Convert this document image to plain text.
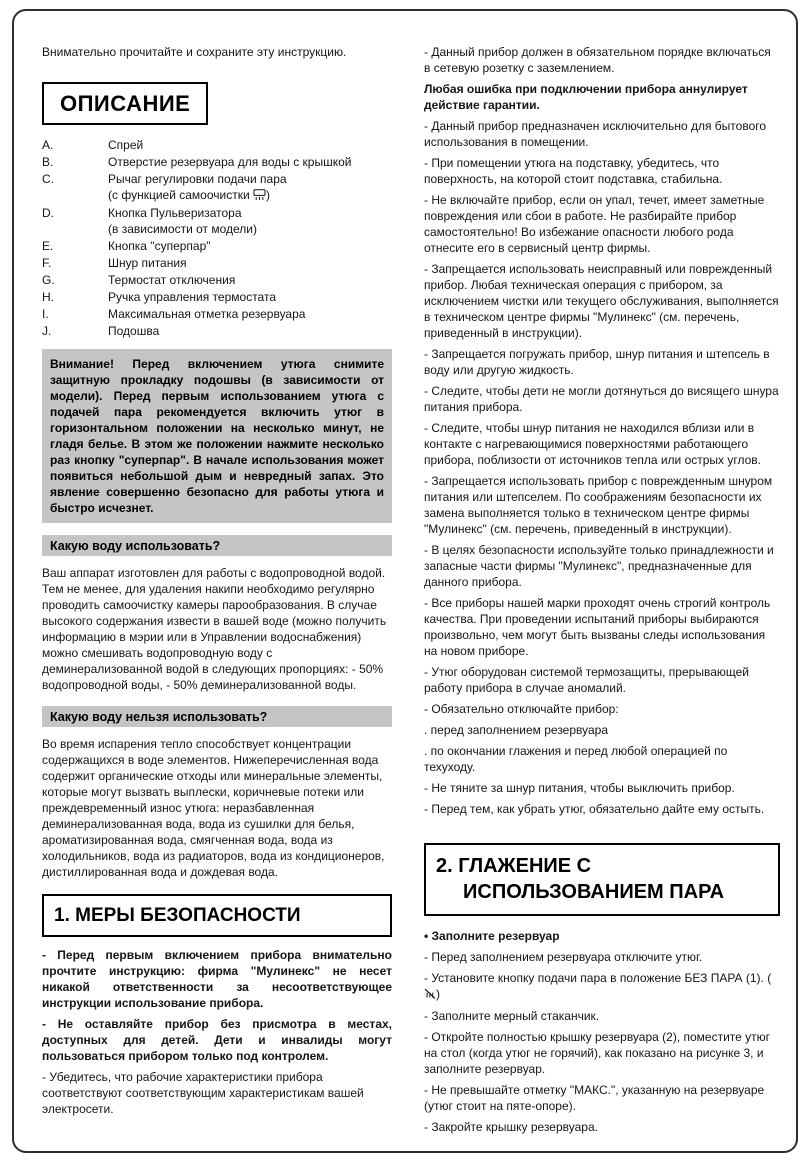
Внимательно прочитайте и сохраните эту инструкцию.

ОПИСАНИЕ
A.	Спрей
B.	Отверстие резервуара для воды с крышкой
C.	Рычаг регулировки подачи пара
(с функцией самоочистки )
D.	Кнопка Пульверизатора
(в зависимости от модели)
E.	Кнопка "суперпар"
F.	Шнур питания
G.	Термостат отключения
H.	Ручка управления термостата
I.	Максимальная отметка резервуара
J.	Подошва
Внимание! Перед включением утюга снимите защитную прокладку подошвы (в зависимости от модели). Перед первым использованием утюга с подачей пара рекомендуется включить утюг в горизонтальном положении на несколько минут, не гладя белье. В этом же положении нажмите несколько раз кнопку "суперпар". В начале использования может появиться небольшой дым и невредный запах. Это явление совершенно безопасно для работы утюга и быстро исчезнет.
Какую воду использовать?

Ваш аппарат изготовлен для работы с водопроводной водой. Тем не менее, для удаления накипи необходимо регулярно проводить самоочистку камеры парообразования. В случае высокого содержания извести в вашей воде (можно получить информацию в мэрии или в Управлении водоснабжения) можно смешивать водопроводную воду с деминерализованной водой в следующих пропорциях: - 50% водопроводной воды, - 50% деминерализованной воды.

Какую воду нельзя использовать?

Во время испарения тепло способствует концентрации содержащихся в воде элементов. Нижеперечисленная вода содержит органические отходы или минеральные элементы, которые могут вызвать выплески, коричневые потеки или преждевременный износ утюга: неразбавленная деминерализованная вода, вода из сушилки для белья, ароматизированная вода, смягченная вода, вода из холодильников, вода из радиаторов, вода из кондиционеров, дистиллированная вода и дождевая вода.

1. МЕРЫ БЕЗОПАСНОСТИ

- Перед первым включением прибора внимательно прочтите инструкцию: фирма "Мулинекс" не несет никакой ответственности за несоответствующее инструкции использование прибора.

- Не оставляйте прибор без присмотра в местах, доступных для детей. Дети и инвалиды могут пользоваться прибором только под контролем.

- Убедитесь, что рабочие характеристики прибора соответствуют соответствующим характеристикам вашей электросети.

- Данный прибор должен в обязательном порядке включаться в сетевую розетку с заземлением.

Любая ошибка при подключении прибора аннулирует действие гарантии.

- Данный прибор предназначен исключительно для бытового использования в помещении.

- При помещении утюга на подставку, убедитесь, что поверхность, на которой стоит подставка, стабильна.

- Не включайте прибор, если он упал, течет, имеет заметные повреждения или сбои в работе. Не разбирайте прибор самостоятельно! Во избежание опасности любого рода отнесите его в сервисный центр фирмы.

- Запрещается использовать неисправный или поврежденный прибор. Любая техническая операция с прибором, за исключением чистки или текущего обслуживания, выполняется в техническом центре фирмы "Мулинекс" (см. перечень, приведенный в инструкции).

- Запрещается погружать прибор, шнур питания и штепсель в воду или другую жидкость.

- Следите, чтобы дети не могли дотянуться до висящего шнура питания прибора.

- Следите, чтобы шнур питания не находился вблизи или в контакте с нагревающимися поверхностями работающего прибора, поблизости от источников тепла или острых углов.

- Запрещается использовать прибор с поврежденным шнуром питания или штепселем. По соображениям безопасности их замена выполняется только в техническом центре фирмы "Мулинекс" (см. перечень, приведенный в инструкции).

- В целях безопасности используйте только принадлежности и запасные части фирмы "Мулинекс", предназначенные для данного прибора.

- Все приборы нашей марки проходят очень строгий контроль качества. При проведении испытаний приборы выбираются произвольно, чем могут быть вызваны следы использования на новом приборе.

- Утюг оборудован системой термозащиты, прерывающей работу прибора в случае аномалий.

- Обязательно отключайте прибор:

. перед заполнением резервуара

. по окончании глажения и перед любой операцией по техуходу.

- Не тяните за шнур питания, чтобы выключить прибор.

- Перед тем, как убрать утюг, обязательно дайте ему остыть.

2. ГЛАЖЕНИЕ С
ИСПОЛЬЗОВАНИЕМ ПАРА

• Заполните резервуар

- Перед заполнением резервуара отключите утюг.

- Установите кнопку подачи пара в положение БЕЗ ПАРА (1). ()

- Заполните мерный стаканчик.

- Откройте полностью крышку резервуара (2), поместите утюг на стол (когда утюг не горячий), как показано на рисунке 3, и заполните резервуар.

- Не превышайте отметку "МАКС.", указанную на резервуаре (утюг стоит на пяте-опоре).

- Закройте крышку резервуара.
